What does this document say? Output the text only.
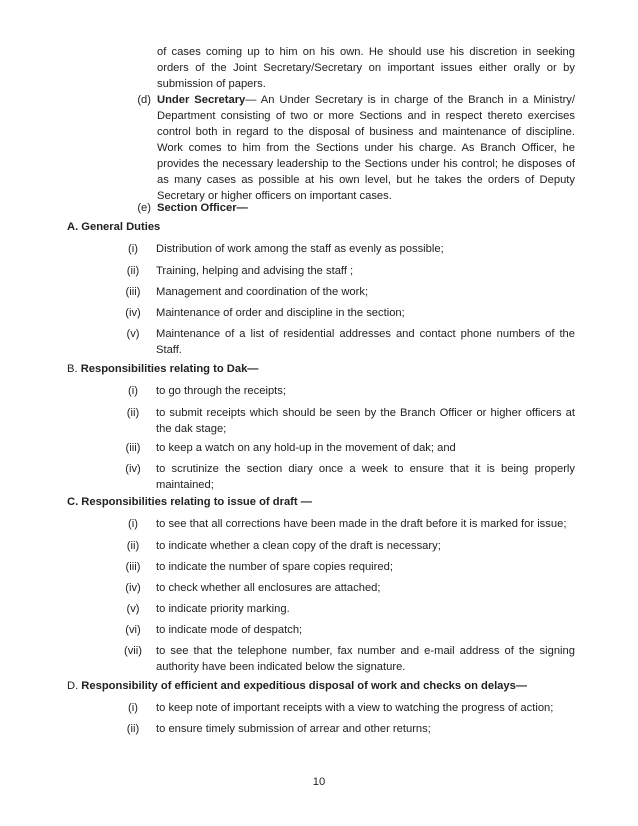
of cases coming up to him on his own. He should use his discretion in seeking orders of the Joint Secretary/Secretary on important issues either orally or by submission of papers.
(d) Under Secretary— An Under Secretary is in charge of the Branch in a Ministry/ Department consisting of two or more Sections and in respect thereto exercises control both in regard to the disposal of business and maintenance of discipline. Work comes to him from the Sections under his charge. As Branch Officer, he provides the necessary leadership to the Sections under his control; he disposes of as many cases as possible at his own level, but he takes the orders of Deputy Secretary or higher officers on important cases.
(e) Section Officer—
A. General Duties
(i)	Distribution of work among the staff as evenly as possible;
(ii)	Training, helping and advising the staff ;
(iii)	Management and coordination of the work;
(iv)	Maintenance of order and discipline in the section;
(v)	Maintenance of a list of residential addresses and contact phone numbers of the Staff.
B. Responsibilities relating to Dak—
(i)	to go through the receipts;
(ii)	to submit receipts which should be seen by the Branch Officer or higher officers at the dak stage;
(iii)	to keep a watch on any hold-up in the movement of dak; and
(iv)	to scrutinize the section diary once a week to ensure that it is being properly maintained;
C. Responsibilities relating to issue of draft —
(i)	to see that all corrections have been made in the draft before it is marked for issue;
(ii)	to indicate whether a clean copy of the draft is necessary;
(iii)	to indicate the number of spare copies required;
(iv)	to check whether all enclosures are attached;
(v)	to indicate priority marking.
(vi)	to indicate mode of despatch;
(vii)	to see that the telephone number, fax number and e-mail address of the signing authority have been indicated below the signature.
D. Responsibility of efficient and expeditious disposal of work and checks on delays—
(i)	to keep note of important receipts with a view to watching the progress of action;
(ii)	to ensure timely submission of arrear and other returns;
10
